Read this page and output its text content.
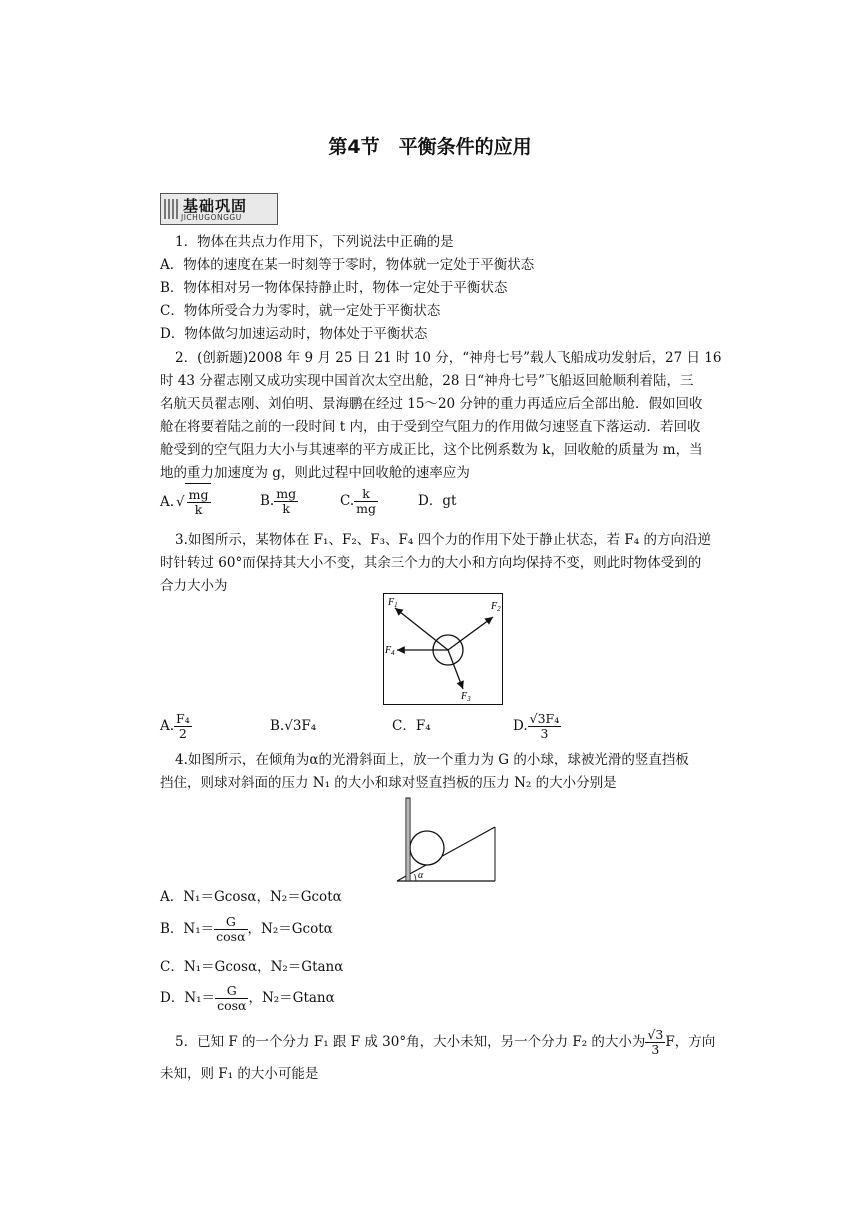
第4节　平衡条件的应用
基础巩固
JICHUGONGGU
1．物体在共点力作用下，下列说法中正确的是
A．物体的速度在某一时刻等于零时，物体就一定处于平衡状态
B．物体相对另一物体保持静止时，物体一定处于平衡状态
C．物体所受合力为零时，就一定处于平衡状态
D．物体做匀加速运动时，物体处于平衡状态
2．(创新题)2008 年 9 月 25 日 21 时 10 分，“神舟七号”载人飞船成功发射后，27 日 16
时 43 分翟志刚又成功实现中国首次太空出舱，28 日“神舟七号”飞船返回舱顺利着陆，三
名航天员翟志刚、刘伯明、景海鹏在经过 15～20 分钟的重力再适应后全部出舱．假如回收
舱在将要着陆之前的一段时间 t 内，由于受到空气阻力的作用做匀速竖直下落运动．若回收
舱受到的空气阻力大小与其速率的平方成正比，这个比例系数为 k，回收舱的质量为 m，当
地的重力加速度为 g，则此过程中回收舱的速率应为
A. √ $\frac{mg}{k}$	B. $\frac{mg}{k}$	C. $\frac{k}{mg}$	D．gt
3.如图所示，某物体在 F₁、F₂、F₃、F₄ 四个力的作用下处于静止状态，若 F₄ 的方向沿逆
时针转过 60°而保持其大小不变，其余三个力的大小和方向均保持不变，则此时物体受到的
合力大小为
$F_1$	$F_2$
$F_3$
$F_4$
A. $\frac{\text{F₄}}{2}$	B.√3F₄	C．F₄	D. $\frac{\text{√3F₄}}{3}$
4.如图所示，在倾角为α的光滑斜面上，放一个重力为 G 的小球，球被光滑的竖直挡板
挡住，则球对斜面的压力 N₁ 的大小和球对竖直挡板的压力 N₂ 的大小分别是
α
A．N₁＝Gcosα，N₂＝Gcotα
B．$N_1= \frac{G}{\cos\alpha}$ ，N₂＝Gcotα
C．N₁＝Gcosα，N₂＝Gtanα
D．$N_1= \frac{G}{\cos\alpha}$ ，N₂＝Gtanα
5．已知 F 的一个分力 F₁ 跟 F 成 30°角，大小未知，另一个分力 F₂ 的大小为 $\frac{√3}{3}$ F，方向
未知，则 F₁ 的大小可能是
